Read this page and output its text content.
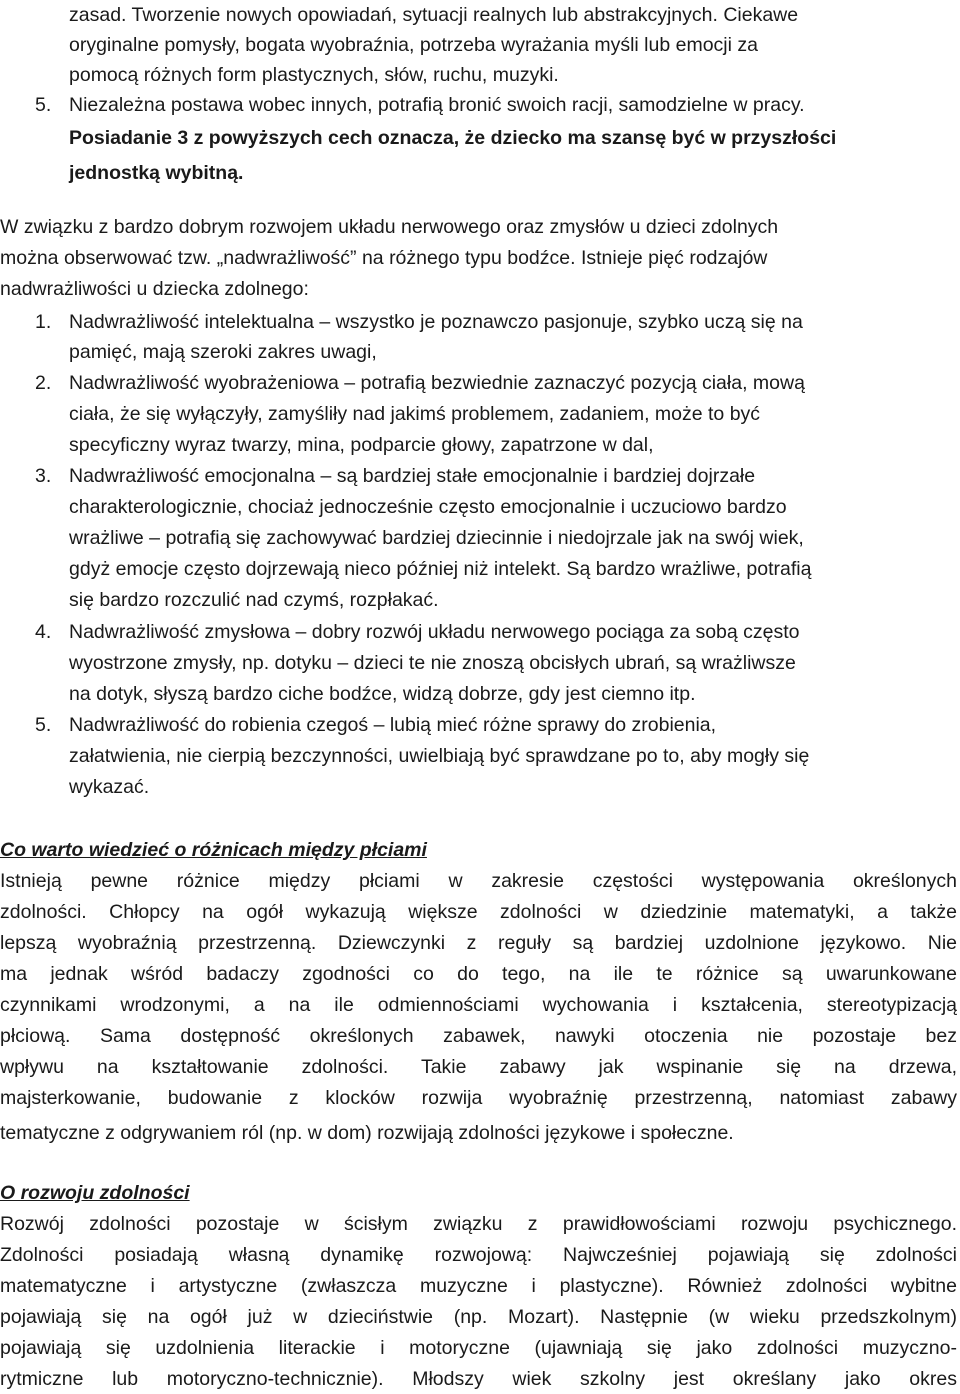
zasad. Tworzenie nowych opowiadań, sytuacji realnych lub abstrakcyjnych. Ciekawe
oryginalne pomysły, bogata wyobraźnia, potrzeba wyrażania myśli lub emocji za
pomocą różnych form plastycznych, słów, ruchu, muzyki.
5. Niezależna postawa wobec innych, potrafią bronić swoich racji, samodzielne w pracy.
Posiadanie 3 z powyższych cech oznacza, że dziecko ma szansę być w przyszłości
jednostką wybitną.
W związku z bardzo dobrym rozwojem układu nerwowego oraz zmysłów u dzieci zdolnych
można obserwować tzw. „nadwrażliwość” na różnego typu bodźce. Istnieje pięć rodzajów
nadwrażliwości u dziecka zdolnego:
1. Nadwrażliwość intelektualna – wszystko je poznawczo pasjonuje, szybko uczą się na
pamięć, mają szeroki zakres uwagi,
2. Nadwrażliwość wyobrażeniowa – potrafią bezwiednie zaznaczyć pozycją ciała, mową
ciała, że się wyłączyły, zamyśliły nad jakimś problemem, zadaniem, może to być
specyficzny wyraz twarzy, mina, podparcie głowy, zapatrzone w dal,
3. Nadwrażliwość emocjonalna – są bardziej stałe emocjonalnie i bardziej dojrzałe
charakterologicznie, chociaż jednocześnie często emocjonalnie i uczuciowo bardzo
wrażliwe – potrafią się zachowywać bardziej dziecinnie i niedojrzale jak na swój wiek,
gdyż emocje często dojrzewają nieco później niż intelekt. Są bardzo wrażliwe, potrafią
się bardzo rozczulić nad czymś, rozpłakać.
4. Nadwrażliwość zmysłowa – dobry rozwój układu nerwowego pociąga za sobą często
wyostrzone zmysły, np. dotyku – dzieci te nie znoszą obcisłych ubrań, są wrażliwsze
na dotyk, słyszą bardzo ciche bodźce, widzą dobrze, gdy jest ciemno itp.
5. Nadwrażliwość do robienia czegoś – lubią mieć różne sprawy do zrobienia,
załatwienia, nie cierpią bezczynności, uwielbiają być sprawdzane po to, aby mogły się
wykazać.
Co warto wiedzieć o różnicach między płciami
Istnieją pewne różnice między płciami w zakresie częstości występowania określonych
zdolności. Chłopcy na ogół wykazują większe zdolności w dziedzinie matematyki, a także
lepszą wyobraźnią przestrzenną. Dziewczynki z reguły są bardziej uzdolnione językowo. Nie
ma jednak wśród badaczy zgodności co do tego, na ile te różnice są uwarunkowane
czynnikami wrodzonymi, a na ile odmiennościami wychowania i kształcenia, stereotypizacją
płciową. Sama dostępność określonych zabawek, nawyki otoczenia nie pozostaje bez
wpływu na kształtowanie zdolności. Takie zabawy jak wspinanie się na drzewa,
majsterkowanie, budowanie z klocków rozwija wyobraźnię przestrzenną, natomiast zabawy
tematyczne z odgrywaniem ról (np. w dom) rozwijają zdolności językowe i społeczne.
O rozwoju zdolności
Rozwój zdolności pozostaje w ścisłym związku z prawidłowościami rozwoju psychicznego.
Zdolności posiadają własną dynamikę rozwojową: Najwcześniej pojawiają się zdolności
matematyczne i artystyczne (zwłaszcza muzyczne i plastyczne). Również zdolności wybitne
pojawiają się na ogół już w dzieciństwie (np. Mozart). Następnie (w wieku przedszkolnym)
pojawiają się uzdolnienia literackie i motoryczne (ujawniają się jako zdolności muzyczno-
rytmiczne lub motoryczno-technicznie). Młodszy wiek szkolny jest określany jako okres
